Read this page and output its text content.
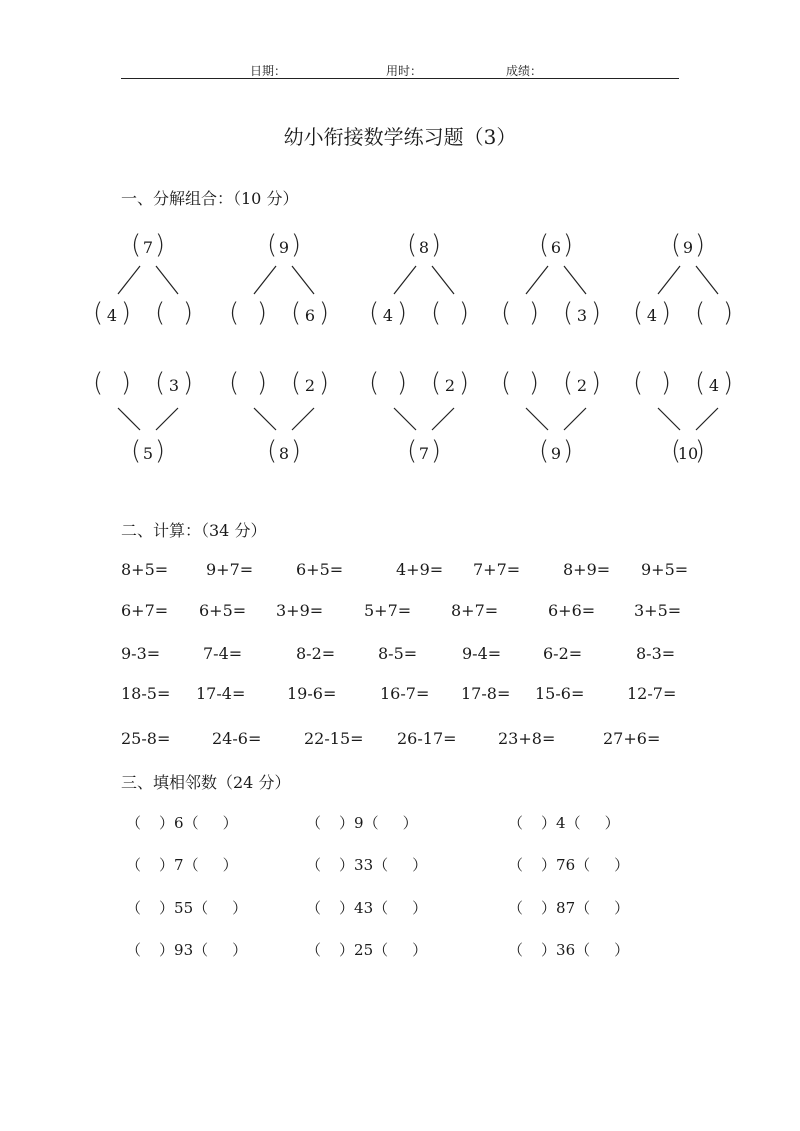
日期：	用时：	成绩：
幼小衔接数学练习题（3）
一、分解组合：（10 分）
( )
7
( )
4	( )
( )
9
( ) ( )
6
( )
8
( )
4	( )
( )
6
( ) ( )
3
( )
9
( )
4	( )
( ) ( )
3
( )
5
( ) ( )
2
( )
8
( ) ( )
2
( )
7
( ) ( )
2
( )
9
( ) ( )
4
( )
10
二、计算：（34 分）
8+5= 9+7=	6+5=	4+9= 7+7=	8+9= 9+5=
6+7= 6+5= 3+9=	5+7= 8+7=	6+6= 3+5=
9-3=	7-4=	8-2=	8-5=	9-4=	6-2=	8-3=
18-5= 17-4=	19-6=	16-7= 17-8= 15-6=	12-7=
25-8=	24-6=	22-15= 26-17=	23+8=	27+6=
三、填相邻数（24 分）
（ ）6（ ）	（ ）9（ ）	（ ）4（ ）
（ ）7（ ）	（ ）33（ ）	（ ）76（ ）
（ ）55（ ）	（ ）43（ ）	（ ）87（ ）
（ ）93（ ）	（ ）25（ ）	（ ）36（ ）
